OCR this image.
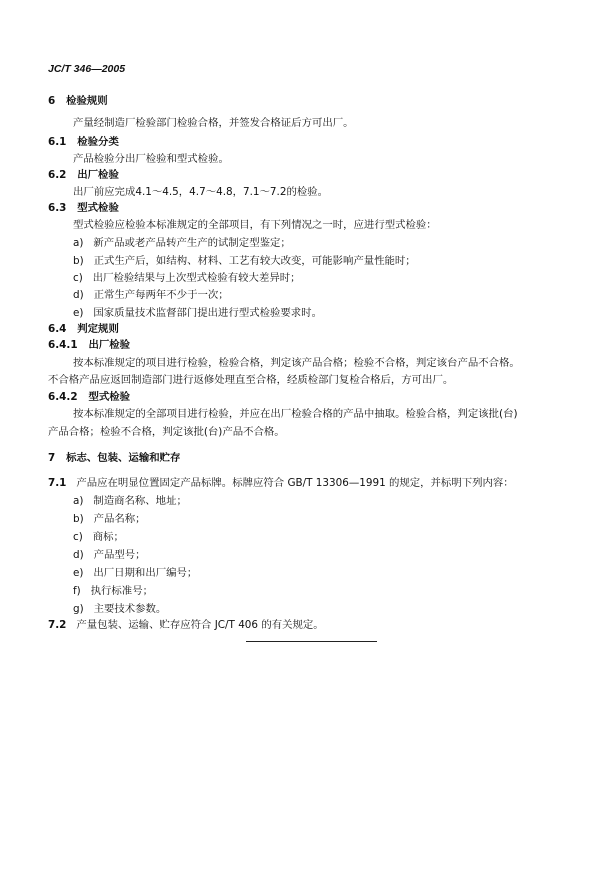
JC/T 346—2005
6 检验规则
产量经制造厂检验部门检验合格，并签发合格证后方可出厂。
6.1 检验分类
产品检验分出厂检验和型式检验。
6.2 出厂检验
出厂前应完成4.1～4.5，4.7～4.8，7.1～7.2的检验。
6.3 型式检验
型式检验应检验本标准规定的全部项目，有下列情况之一时，应进行型式检验：
a) 新产品或老产品转产生产的试制定型鉴定；
b) 正式生产后，如结构、材料、工艺有较大改变，可能影响产量性能时；
c) 出厂检验结果与上次型式检验有较大差异时；
d) 正常生产每两年不少于一次；
e) 国家质量技术监督部门提出进行型式检验要求时。
6.4 判定规则
6.4.1 出厂检验
按本标准规定的项目进行检验，检验合格，判定该产品合格；检验不合格，判定该台产品不合格。
不合格产品应返回制造部门进行返修处理直至合格，经质检部门复检合格后，方可出厂。
6.4.2 型式检验
按本标准规定的全部项目进行检验，并应在出厂检验合格的产品中抽取。检验合格，判定该批(台)
产品合格；检验不合格，判定该批(台)产品不合格。
7 标志、包装、运输和贮存
7.1 产品应在明显位置固定产品标牌。标牌应符合 GB/T 13306—1991 的规定，并标明下列内容：
a) 制造商名称、地址；
b) 产品名称；
c) 商标；
d) 产品型号；
e) 出厂日期和出厂编号；
f) 执行标准号；
g) 主要技术参数。
7.2 产量包装、运输、贮存应符合 JC/T 406 的有关规定。
